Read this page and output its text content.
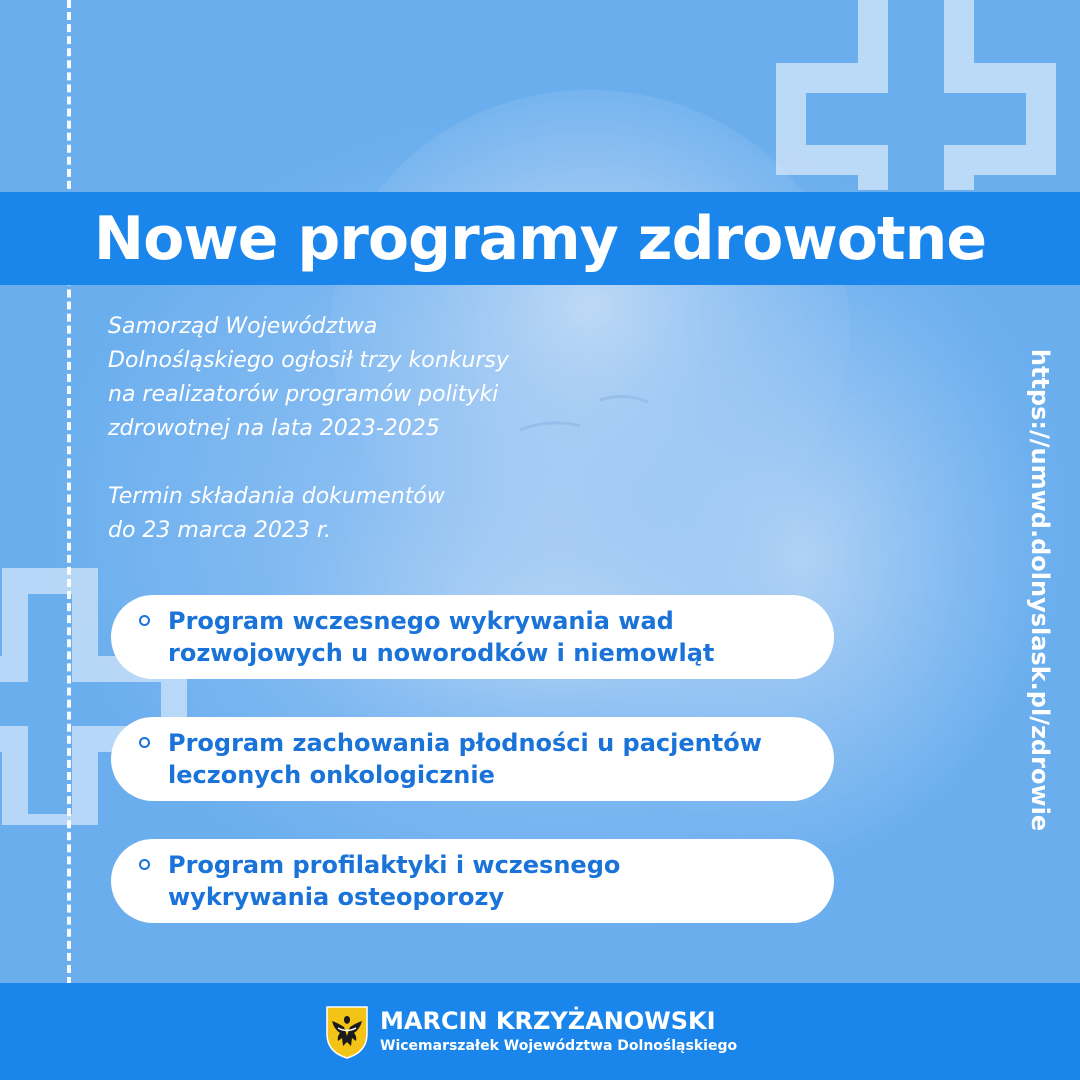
Nowe programy zdrowotne

Samorząd Województwa
Dolnośląskiego ogłosił trzy konkursy
na realizatorów programów polityki
zdrowotnej na lata 2023-2025

Termin składania dokumentów
do 23 marca 2023 r.	https://umwd.dolnyslask.pl/zdrowie
Program wczesnego wykrywania wad
rozwojowych u noworodków i niemowląt
Program zachowania płodności u pacjentów
leczonych onkologicznie
Program profilaktyki i wczesnego
wykrywania osteoporozy
MARCIN KRZYŻANOWSKI
Wicemarszałek Województwa Dolnośląskiego
